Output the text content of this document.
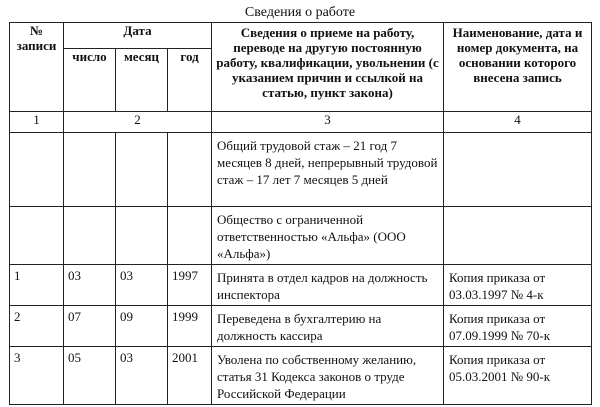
Сведения о работе
№ записи	Дата			Сведения о приеме на работу, переводе на другую постоянную работу, квалификации, увольнении (с указанием причин и ссылкой на статью, пункт закона)	Наименование, дата и номер документа, на основании которого внесена запись
	число	месяц	год		
1	2			3	4

				Общий трудовой стаж – 21 год 7 месяцев 8 дней, непрерывный трудовой стаж – 17 лет 7 месяцев 5 дней	

				Общество с ограниченной ответственностью «Альфа» (ООО «Альфа»)	

1	03	03	1997	Принята в отдел кадров на должность инспектора	Копия приказа от 03.03.1997 № 4-к

2	07	09	1999	Переведена в бухгалтерию на должность кассира	Копия приказа от 07.09.1999 № 70-к

3	05	03	2001	Уволена по собственному желанию, статья 31 Кодекса законов о труде Российской Федерации	Копия приказа от 05.03.2001 № 90-к
